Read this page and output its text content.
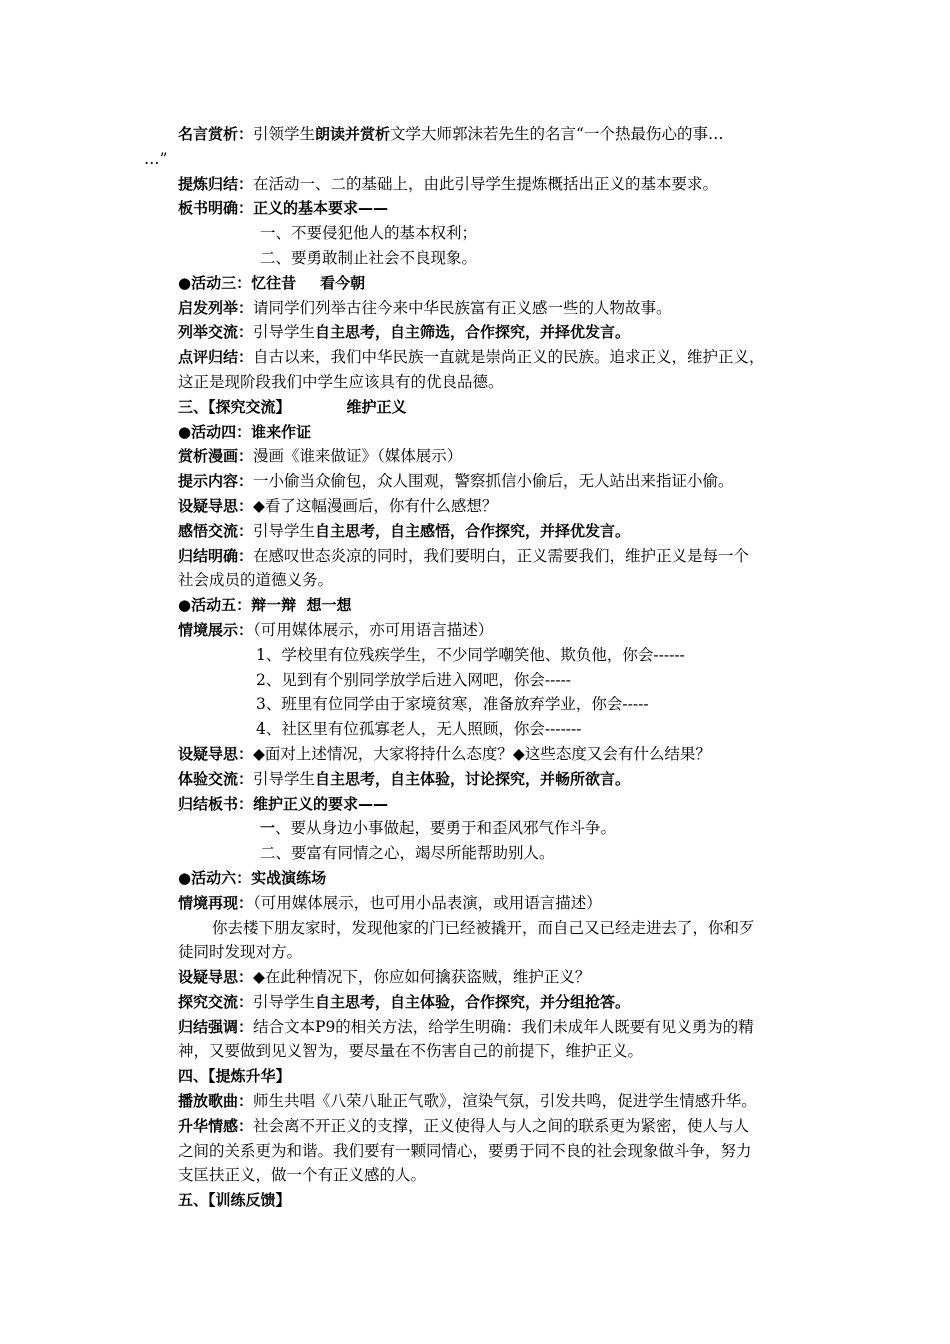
名言赏析：引领学生朗读并赏析文学大师郭沫若先生的名言“一个热最伤心的事…
…”
提炼归结：在活动一、二的基础上，由此引导学生提炼概括出正义的基本要求。
板书明确：正义的基本要求——
一、不要侵犯他人的基本权利；
二、要勇敢制止社会不良现象。
●活动三：忆往昔 看今朝
启发列举：请同学们列举古往今来中华民族富有正义感一些的人物故事。
列举交流：引导学生自主思考，自主筛选，合作探究，并择优发言。
点评归结：自古以来，我们中华民族一直就是崇尚正义的民族。追求正义，维护正义，
这正是现阶段我们中学生应该具有的优良品德。
三、【探究交流】	维护正义
●活动四：谁来作证
赏析漫画：漫画《谁来做证》（媒体展示）
提示内容：一小偷当众偷包，众人围观，警察抓信小偷后，无人站出来指证小偷。
设疑导思：◆看了这幅漫画后，你有什么感想？
感悟交流：引导学生自主思考，自主感悟，合作探究，并择优发言。
归结明确：在感叹世态炎凉的同时，我们要明白，正义需要我们，维护正义是每一个
社会成员的道德义务。
●活动五：辩一辩  想一想
情境展示：（可用媒体展示，亦可用语言描述）
1、学校里有位残疾学生，不少同学嘲笑他、欺负他，你会------
2、见到有个别同学放学后进入网吧，你会-----
3、班里有位同学由于家境贫寒，准备放弃学业，你会-----
4、社区里有位孤寡老人，无人照顾，你会-------
设疑导思：◆面对上述情况，大家将持什么态度？◆这些态度又会有什么结果？
体验交流：引导学生自主思考，自主体验，讨论探究，并畅所欲言。
归结板书：维护正义的要求——
一、要从身边小事做起，要勇于和歪风邪气作斗争。
二、要富有同情之心，竭尽所能帮助别人。
●活动六：实战演练场
情境再现：（可用媒体展示，也可用小品表演，或用语言描述）
你去楼下朋友家时，发现他家的门已经被撬开，而自己又已经走进去了，你和歹
徒同时发现对方。
设疑导思：◆在此种情况下，你应如何擒获盗贼，维护正义？
探究交流：引导学生自主思考，自主体验，合作探究，并分组抢答。
归结强调：结合文本P9的相关方法，给学生明确：我们未成年人既要有见义勇为的精
神，又要做到见义智为，要尽量在不伤害自己的前提下，维护正义。
四、【提炼升华】
播放歌曲：师生共唱《八荣八耻正气歌》，渲染气氛，引发共鸣，促进学生情感升华。
升华情感：社会离不开正义的支撑，正义使得人与人之间的联系更为紧密，使人与人
之间的关系更为和谐。我们要有一颗同情心，要勇于同不良的社会现象做斗争，努力
支匡扶正义，做一个有正义感的人。
五、【训练反馈】
